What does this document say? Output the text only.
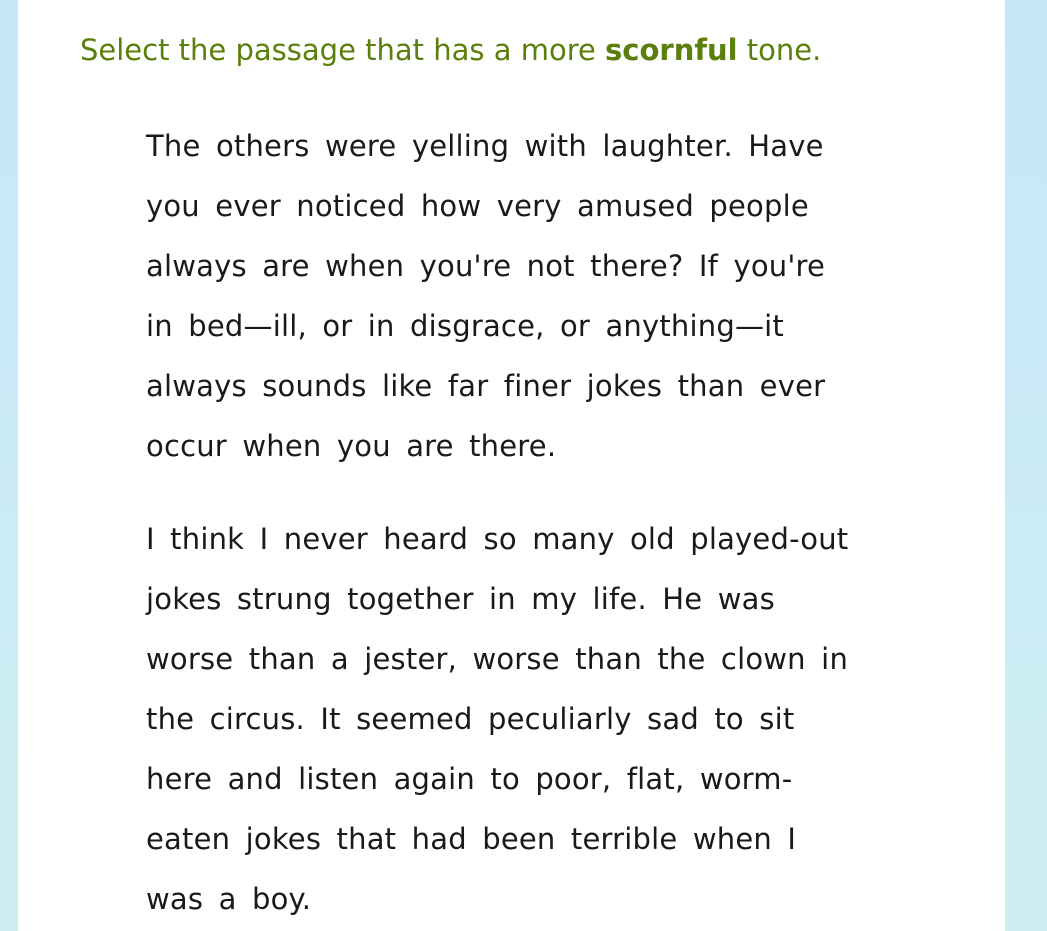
Select the passage that has a more scornful tone.

The others were yelling with laughter. Have
you ever noticed how very amused people
always are when you're not there? If you're
in bed—ill, or in disgrace, or anything—it
always sounds like far finer jokes than ever
occur when you are there.
I think I never heard so many old played-out
jokes strung together in my life. He was
worse than a jester, worse than the clown in
the circus. It seemed peculiarly sad to sit
here and listen again to poor, flat, worm-
eaten jokes that had been terrible when I
was a boy.
